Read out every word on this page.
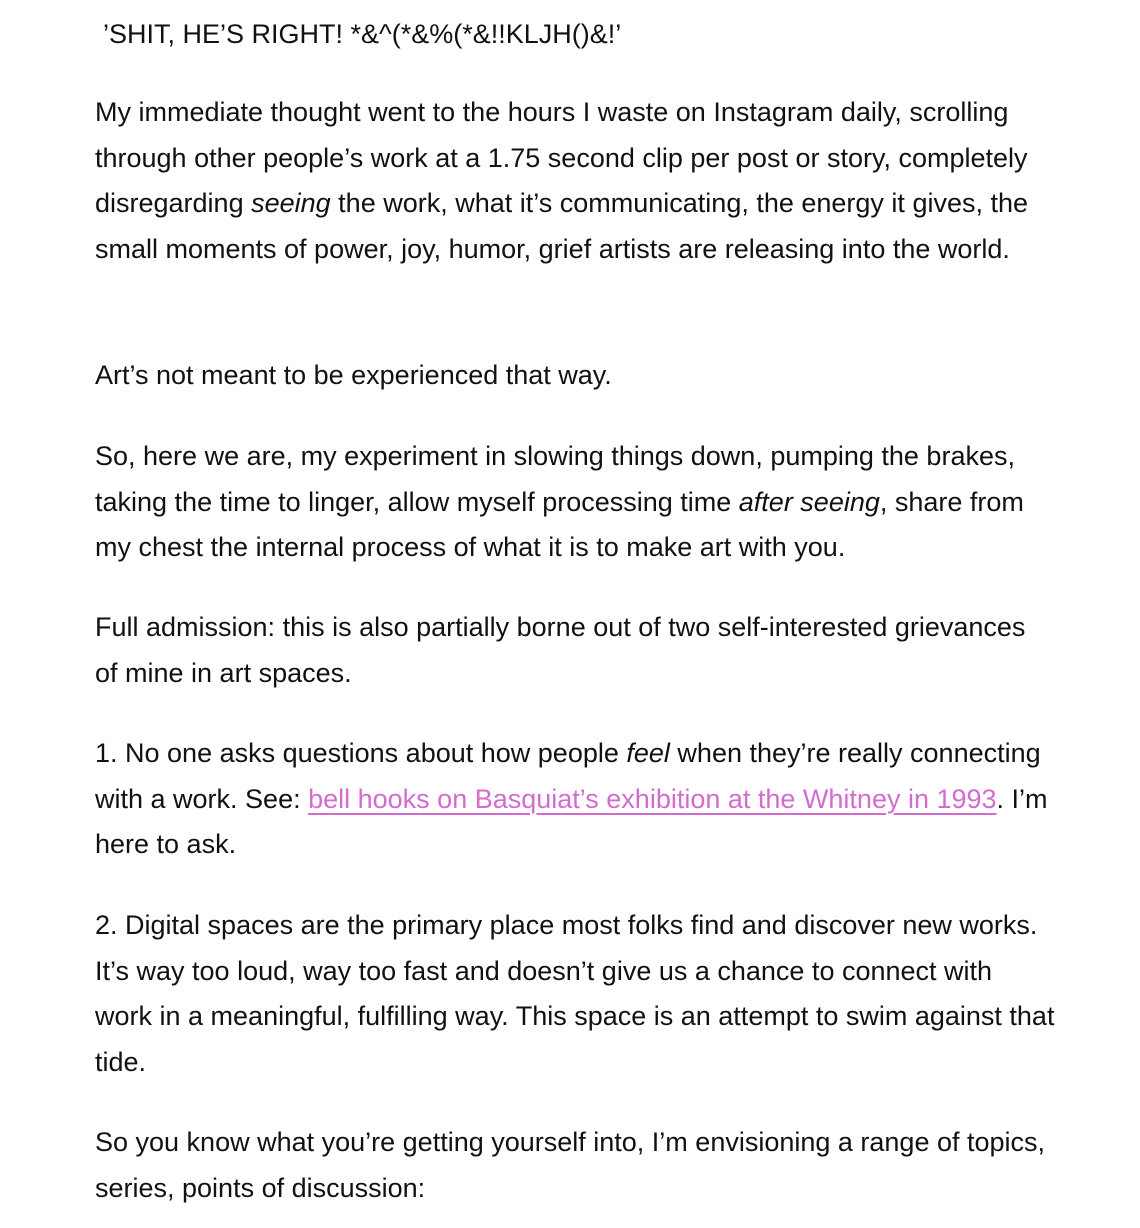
’SHIT, HE’S RIGHT! *&^(*&%(*&!!KLJH()&!’

My immediate thought went to the hours I waste on Instagram daily, scrolling through other people’s work at a 1.75 second clip per post or story, completely disregarding seeing the work, what it’s communicating, the energy it gives, the small moments of power, joy, humor, grief artists are releasing into the world.

Art’s not meant to be experienced that way.

So, here we are, my experiment in slowing things down, pumping the brakes, taking the time to linger, allow myself processing time after seeing, share from my chest the internal process of what it is to make art with you.

Full admission: this is also partially borne out of two self-interested grievances of mine in art spaces.

1. No one asks questions about how people feel when they’re really connecting with a work. See: bell hooks on Basquiat’s exhibition at the Whitney in 1993. I’m here to ask.

2. Digital spaces are the primary place most folks find and discover new works. It’s way too loud, way too fast and doesn’t give us a chance to connect with work in a meaningful, fulfilling way. This space is an attempt to swim against that tide.

So you know what you’re getting yourself into, I’m envisioning a range of topics, series, points of discussion:
